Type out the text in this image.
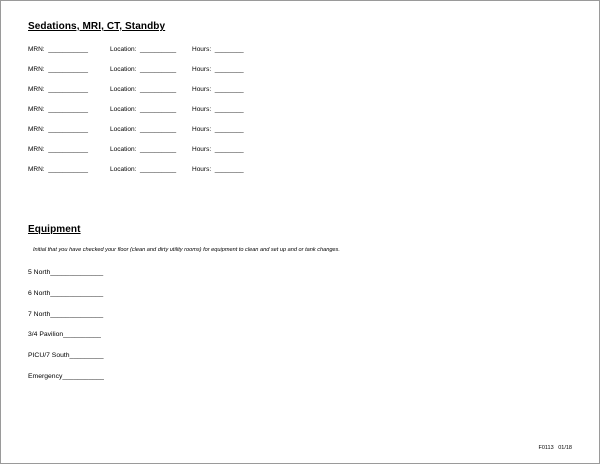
Sedations, MRI, CT, Standby
MRN:  ___________	Location:  __________ Hours:  ________
MRN:  ___________	Location:  __________ Hours:  ________
MRN:  ___________	Location:  __________ Hours:  ________
MRN:  ___________	Location:  __________ Hours:  ________
MRN:  ___________	Location:  __________ Hours:  ________
MRN:  ___________	Location:  __________ Hours:  ________
MRN:  ___________	Location:  __________ Hours:  ________
Equipment
Initial that you have checked your floor (clean and dirty utility rooms) for equipment to clean and set up and or tank changes.
5 North______________
6 North______________
7 North______________
3/4 Pavilion__________
PICU/7 South_________
Emergency___________
F0113   01/18
